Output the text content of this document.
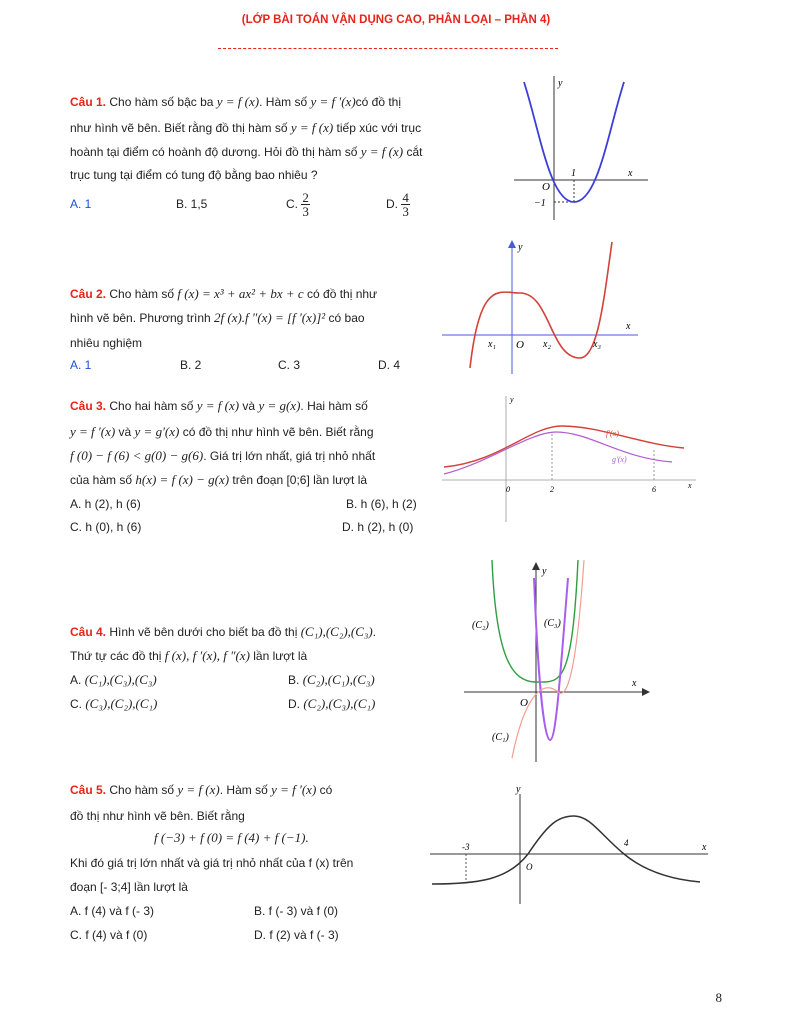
(LỚP BÀI TOÁN VẬN DỤNG CAO, PHÂN LOẠI – PHẦN 4)
Câu 1. Cho hàm số bậc ba y = f (x). Hàm số y = f ′(x)có đồ thị
như hình vẽ bên. Biết rằng đồ thị hàm số y = f (x) tiếp xúc với trục
hoành tại điểm có hoành độ dương. Hỏi đồ thị hàm số y = f (x) cắt
trục tung tại điểm có tung độ bằng bao nhiêu ?
A. 1	B. 1,5	C. $\frac{2}{3}$	D. $\frac{4}{3}$
y
x
O
1
−1
Câu 2. Cho hàm số f (x) = x³ + ax² + bx + c có đồ thị như
hình vẽ bên. Phương trình 2f (x).f ″(x) = [f ′(x)]² có bao
nhiêu nghiệm
A. 1	B. 2	C. 3	D. 4
y
x
x₁ O x₂	x₃
Câu 3. Cho hai hàm số y = f (x) và y = g(x). Hai hàm số
y = f ′(x) và y = g′(x) có đồ thị như hình vẽ bên. Biết rằng
f (0) − f (6) < g(0) − g(6). Giá trị lớn nhất, giá trị nhỏ nhất
của hàm số h(x) = f (x) − g(x) trên đoạn [0;6] lần lượt là
A. h (2), h (6)	B. h (6), h (2)
C. h (0), h (6)	D. h (2), h (0)
y
x
0	2	6
f′(x)
g′(x)
Câu 4. Hình vẽ bên dưới cho biết ba đồ thị (C₁),(C₂),(C₃).
Thứ tự các đồ thị f (x), f ′(x), f ″(x) lần lượt là
A. (C₁),(C₃),(C₃)	B. (C₂),(C₁),(C₃)
C. (C₃),(C₂),(C₁)	D. (C₂),(C₃),(C₁)
y
x
O
(C₁)
(C₂)	(C₃)
Câu 5. Cho hàm số y = f (x). Hàm số y = f ′(x) có
đồ thị như hình vẽ bên. Biết rằng
f (−3) + f (0) = f (4) + f (−1).
Khi đó giá trị lớn nhất và giá trị nhỏ nhất của f (x) trên
đoạn [- 3;4] lần lượt là
A. f (4) và f (- 3)	B. f (- 3) và f (0)
C. f (4) và f (0)	D. f (2) và f (- 3)
y
x
O
-3	4
8
